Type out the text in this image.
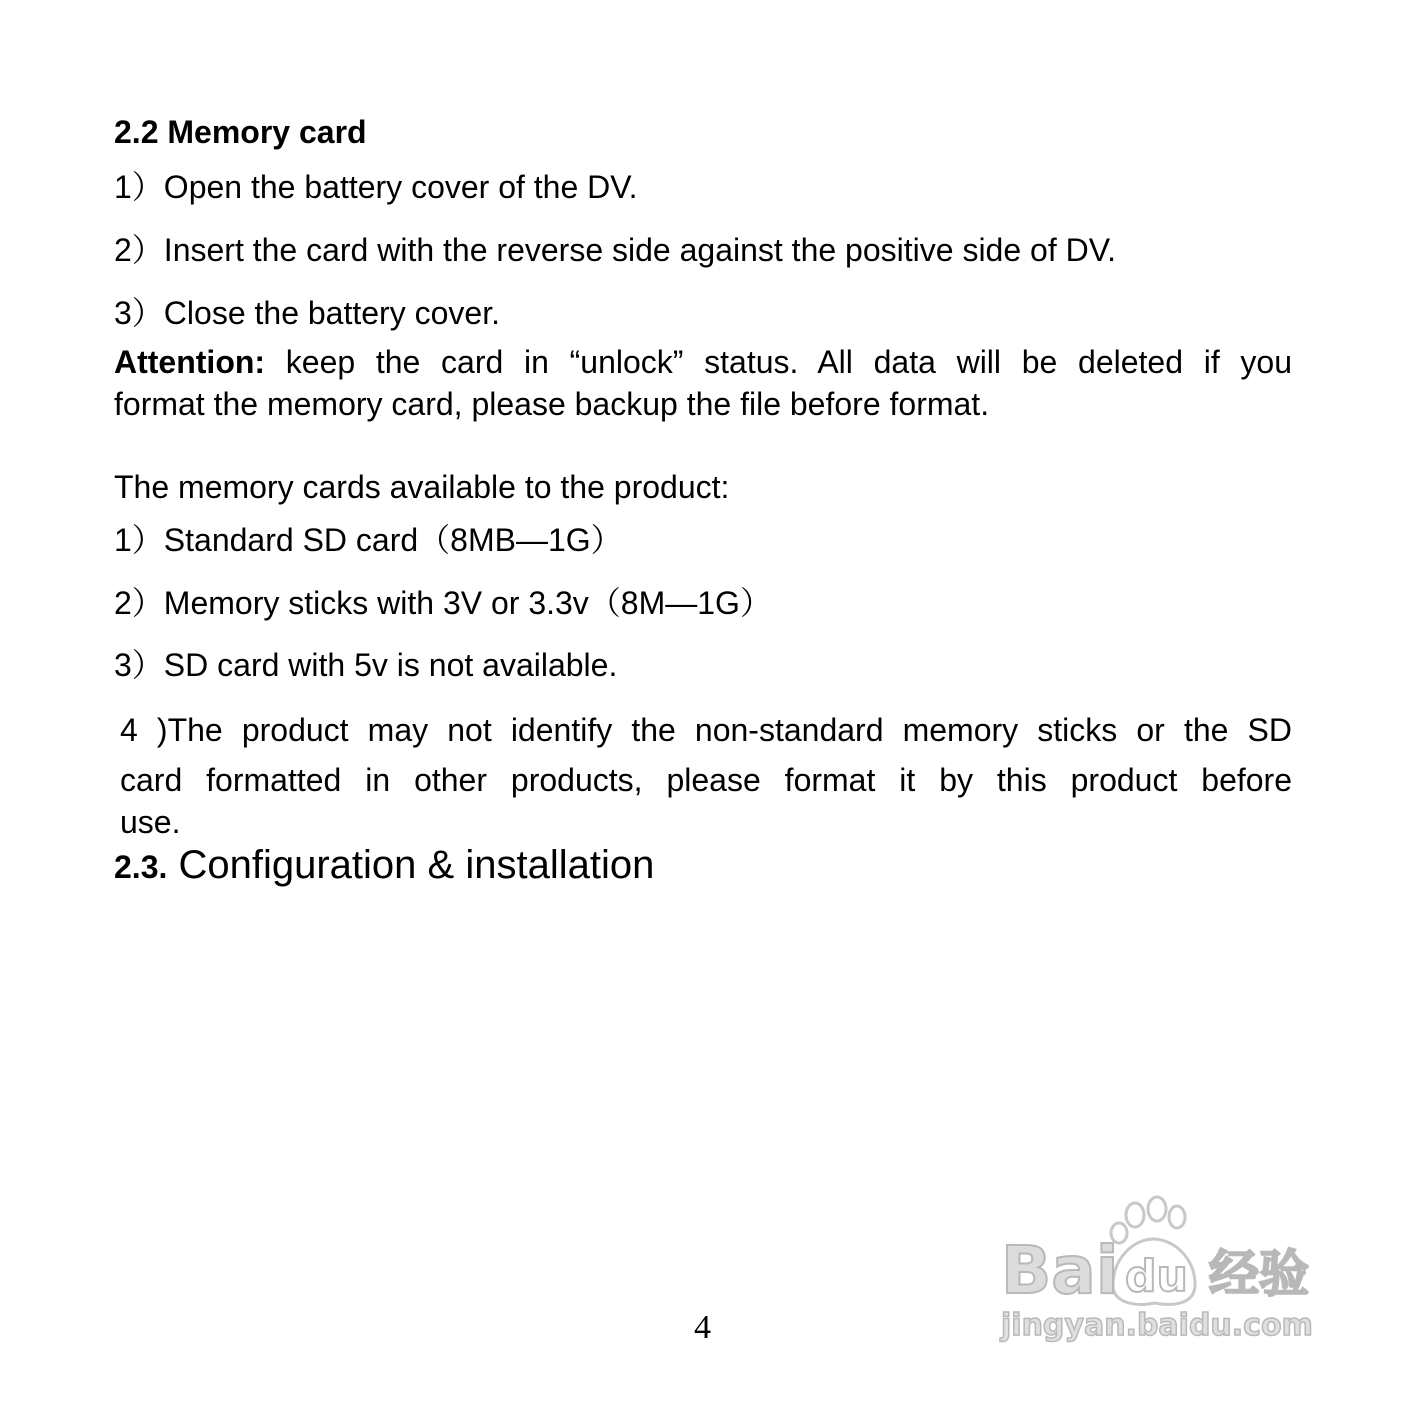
2.2 Memory card
1）Open the battery cover of the DV.
2）Insert the card with the reverse side against the positive side of DV.
3）Close the battery cover.
Attention: keep the card in “unlock” status. All data will be deleted if you
format the memory card, please backup the file before format.
The memory cards available to the product:
1）Standard SD card（8MB—1G）
2）Memory sticks with 3V or 3.3v（8M—1G）
3）SD card with 5v is not available.
4 )The product may not identify the non-standard memory sticks or the SD
card formatted in other products, please format it by this product before
use.
2.3. Configuration & installation
4
Bai du 经验
jingyan.baidu.com
